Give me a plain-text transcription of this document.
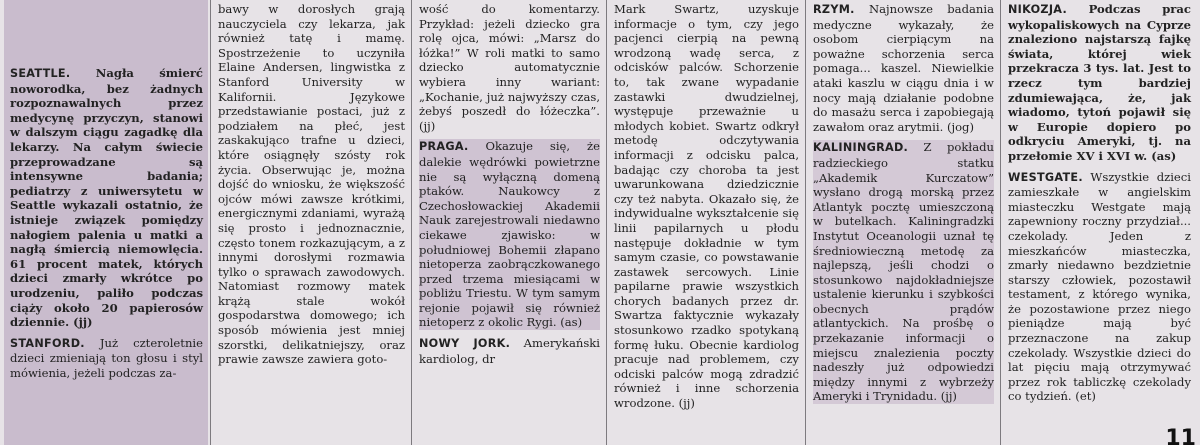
SEATTLE. Nagła śmierć noworodka, bez żadnych rozpoznawalnych przez medycynę przyczyn, stanowi w dalszym ciągu zagadkę dla lekarzy. Na całym świecie przeprowadzane są intensywne badania; pediatrzy z uniwersytetu w Seattle wykazali ostatnio, że istnieje związek pomiędzy nałogiem palenia u matki a nagłą śmiercią niemowlęcia. 61 procent matek, których dzieci zmarły wkrótce po urodzeniu, paliło podczas ciąży około 20 papierosów dziennie. (jj)

STANFORD. Już czteroletnie dzieci zmieniają ton głosu i styl mówienia, jeżeli podczas za-

bawy w dorosłych grają nauczyciela czy lekarza, jak również tatę i mamę. Spostrzeżenie to uczyniła Elaine Andersen, lingwistka z Stanford University w Kalifornii. Językowe przedstawianie postaci, już z podziałem na płeć, jest zaskakująco trafne u dzieci, które osiągnęły szósty rok życia. Obserwując je, można dojść do wniosku, że większość ojców mówi zawsze krótkimi, energicznymi zdaniami, wyrażą się prosto i jednoznacznie, często tonem rozkazującym, a z innymi dorosłymi rozmawia tylko o sprawach zawodowych. Natomiast rozmowy matek krążą stale wokół gospodarstwa domowego; ich sposób mówienia jest mniej szorstki, delikatniejszy, oraz prawie zawsze zawiera goto-

wość do komentarzy. Przykład: jeżeli dziecko gra rolę ojca, mówi: „Marsz do łóżka!” W roli matki to samo dziecko automatycznie wybiera inny wariant: „Kochanie, już najwyższy czas, żebyś poszedł do łóżeczka”. (jj)

PRAGA. Okazuje się, że dalekie wędrówki powietrzne nie są wyłączną domeną ptaków. Naukowcy z Czechosłowackiej Akademii Nauk zarejestrowali niedawno ciekawe zjawisko: w południowej Bohemii złapano nietoperza zaobrączkowanego przed trzema miesiącami w pobliżu Triestu. W tym samym rejonie pojawił się również nietoperz z okolic Rygi. (as)

NOWY JORK. Amerykański kardiolog, dr

Mark Swartz, uzyskuje informacje o tym, czy jego pacjenci cierpią na pewną wrodzoną wadę serca, z odcisków palców. Schorzenie to, tak zwane wypadanie zastawki dwudzielnej, występuje przeważnie u młodych kobiet. Swartz odkrył metodę odczytywania informacji z odcisku palca, badając czy choroba ta jest uwarunkowana dziedzicznie czy też nabyta. Okazało się, że indywidualne wykształcenie się linii papilarnych u płodu następuje dokładnie w tym samym czasie, co powstawanie zastawek sercowych. Linie papilarne prawie wszystkich chorych badanych przez dr. Swartza faktycznie wykazały stosunkowo rzadko spotykaną formę łuku. Obecnie kardiolog pracuje nad problemem, czy odciski palców mogą zdradzić również i inne schorzenia wrodzone. (jj)

RZYM. Najnowsze badania medyczne wykazały, że osobom cierpiącym na poważne schorzenia serca pomaga... kaszel. Niewielkie ataki kaszlu w ciągu dnia i w nocy mają działanie podobne do masażu serca i zapobiegają zawałom oraz arytmii. (jog)

KALININGRAD. Z pokładu radzieckiego statku „Akademik Kurczatow” wysłano drogą morską przez Atlantyk pocztę umieszczoną w butelkach. Kaliningradzki Instytut Oceanologii uznał tę średniowieczną metodę za najlepszą, jeśli chodzi o stosunkowo najdokładniejsze ustalenie kierunku i szybkości obecnych prądów atlantyckich. Na prośbę o przekazanie informacji o miejscu znalezienia poczty nadeszły już odpowiedzi między innymi z wybrzeży Ameryki i Trynidadu. (jj)

NIKOZJA. Podczas prac wykopaliskowych na Cyprze znaleziono najstarszą fajkę świata, której wiek przekracza 3 tys. lat. Jest to rzecz tym bardziej zdumiewająca, że, jak wiadomo, tytoń pojawił się w Europie dopiero po odkryciu Ameryki, tj. na przełomie XV i XVI w. (as)

WESTGATE. Wszystkie dzieci zamieszkałe w angielskim miasteczku Westgate mają zapewniony roczny przydział... czekolady. Jeden z mieszkańców miasteczka, zmarły niedawno bezdzietnie starszy człowiek, pozostawił testament, z którego wynika, że pozostawione przez niego pieniądze mają być przeznaczone na zakup czekolady. Wszystkie dzieci do lat pięciu mają otrzymywać przez rok tabliczkę czekolady co tydzień. (et)

11
